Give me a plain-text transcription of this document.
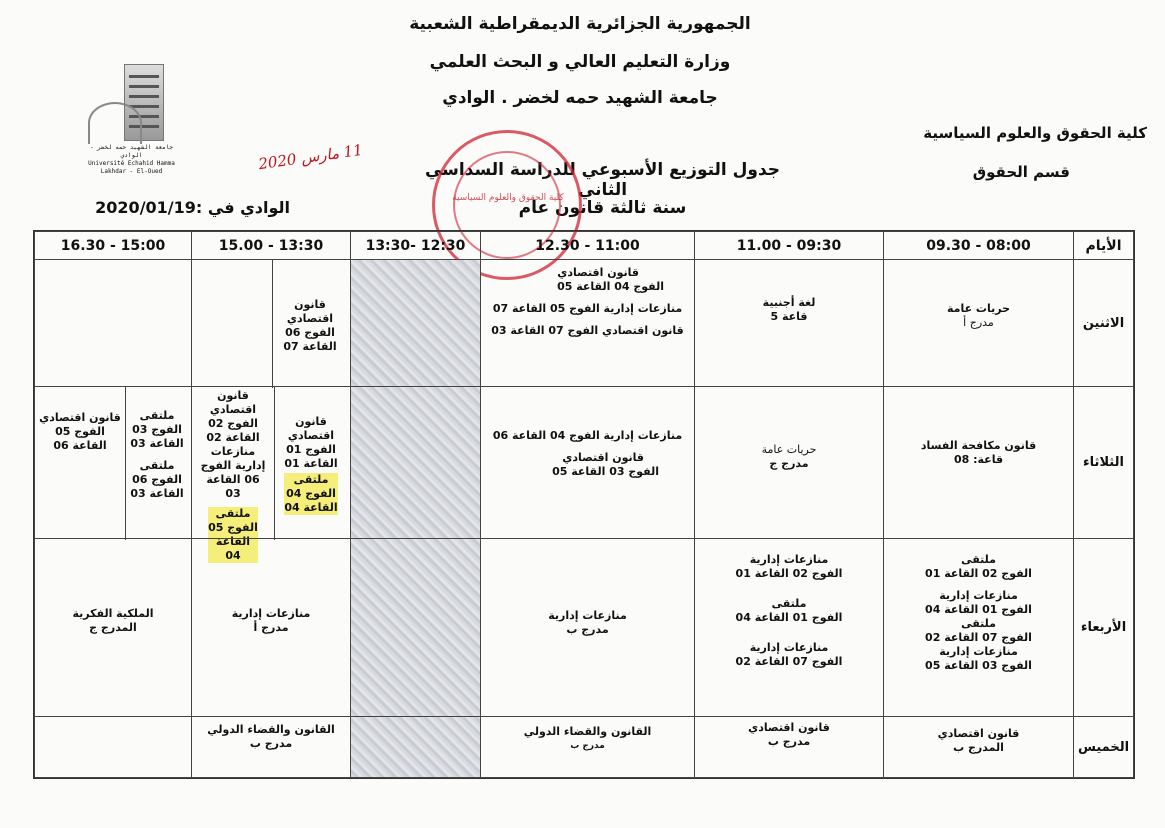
الجمهورية الجزائرية الديمقراطية الشعبية
وزارة التعليم العالي و البحث العلمي
جامعة الشهيد حمه لخضر . الوادي
كلية الحقوق والعلوم السياسية
قسم الحقوق
جدول التوزيع الأسبوعي للدراسة السداسي الثاني
سنة ثالثة قانون عام
الوادي في :2020/01/19
11 مارس 2020
جامعة الشهيد حمه لخضر - الوادي
Université Echahid Hamma Lakhdar - El-Oued
كلية الحقوق والعلوم السياسية
الأيام
08:00 - 09.30
09:30 - 11.00
11:00 - 12.30
12:30 -13:30
13:30 - 15.00
15:00 - 16.30
الاثنين
حريات عامة
مدرج أ
لغة أجنبية
قاعة 5
قانون اقتصادي
الفوج 04 القاعة 05
منازعات إدارية الفوج 05 القاعة 07
قانون اقتصادي الفوج 07 القاعة 03
قانون
اقتصادي
الفوج 06
القاعة 07
الثلاثاء
قانون مكافحة الفساد
قاعة: 08
حريات عامة
مدرج ج
منازعات إدارية الفوج 04 القاعة 06
قانون اقتصادي
الفوج 03 القاعة 05
قانون
اقتصادي
الفوج 01
القاعة 01
ملتقى
الفوج 04
القاعة 04
قانون
اقتصادي
الفوج 02
القاعة 02
منازعات
إدارية الفوج
06 القاعة 03
ملتقى
الفوج 05
القاعة
04
ملتقى
الفوج 03
القاعة 03
ملتقى
الفوج 06
القاعة 03
قانون اقتصادي
الفوج 05
القاعة 06
الأربعاء
ملتقى
الفوج 02 القاعة 01
منازعات إدارية
الفوج 01 القاعة 04
ملتقى
الفوج 07 القاعة 02
منازعات إدارية
الفوج 03 القاعة 05
منازعات إدارية
الفوج 02 القاعة 01
ملتقى
الفوج 01 القاعة 04
منازعات إدارية
الفوج 07 القاعة 02
منازعات إدارية
مدرج ب
منازعات إدارية
مدرج أ
الملكية الفكرية
المدرج ج
الخميس
قانون اقتصادي
المدرج ب
قانون اقتصادي
مدرج ب
القانون والقضاء الدولي
مدرج ب
القانون والقضاء الدولي
مدرج ب
